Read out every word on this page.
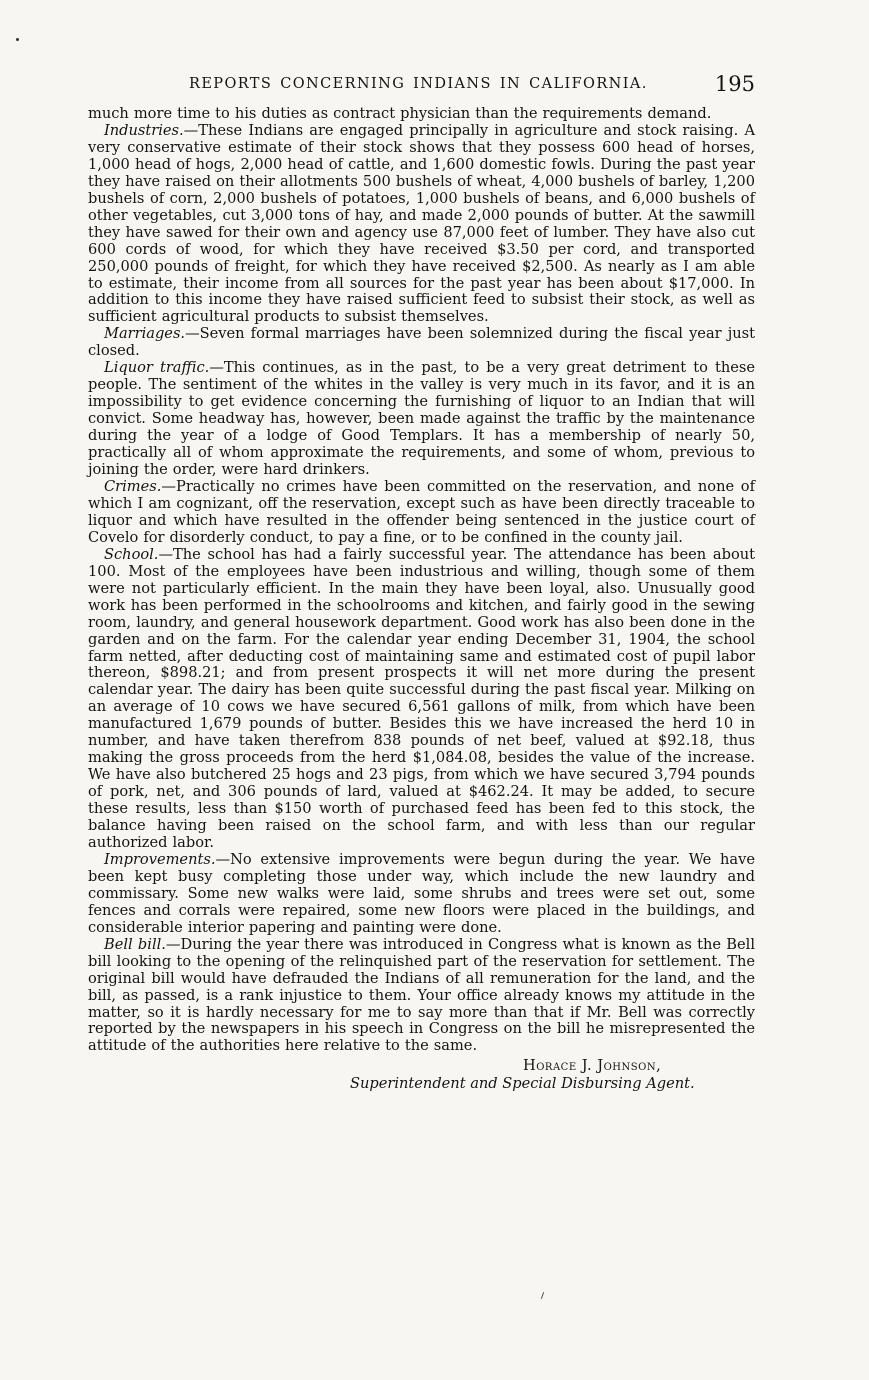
REPORTS CONCERNING INDIANS IN CALIFORNIA.	195

much more time to his duties as contract physician than the requirements demand.

Industries.—These Indians are engaged principally in agriculture and stock raising. A very conservative estimate of their stock shows that they possess 600 head of horses, 1,000 head of hogs, 2,000 head of cattle, and 1,600 domestic fowls. During the past year they have raised on their allotments 500 bushels of wheat, 4,000 bushels of barley, 1,200 bushels of corn, 2,000 bushels of potatoes, 1,000 bushels of beans, and 6,000 bushels of other vegetables, cut 3,000 tons of hay, and made 2,000 pounds of butter. At the sawmill they have sawed for their own and agency use 87,000 feet of lumber. They have also cut 600 cords of wood, for which they have received $3.50 per cord, and transported 250,000 pounds of freight, for which they have received $2,500. As nearly as I am able to estimate, their income from all sources for the past year has been about $17,000. In addition to this income they have raised sufficient feed to subsist their stock, as well as sufficient agricultural products to subsist themselves.

Marriages.—Seven formal marriages have been solemnized during the fiscal year just closed.

Liquor traffic.—This continues, as in the past, to be a very great detriment to these people. The sentiment of the whites in the valley is very much in its favor, and it is an impossibility to get evidence concerning the furnishing of liquor to an Indian that will convict. Some headway has, however, been made against the traffic by the maintenance during the year of a lodge of Good Templars. It has a membership of nearly 50, practically all of whom approximate the requirements, and some of whom, previous to joining the order, were hard drinkers.

Crimes.—Practically no crimes have been committed on the reservation, and none of which I am cognizant, off the reservation, except such as have been directly traceable to liquor and which have resulted in the offender being sentenced in the justice court of Covelo for disorderly conduct, to pay a fine, or to be confined in the county jail.

School.—The school has had a fairly successful year. The attendance has been about 100. Most of the employees have been industrious and willing, though some of them were not particularly efficient. In the main they have been loyal, also. Unusually good work has been performed in the schoolrooms and kitchen, and fairly good in the sewing room, laundry, and general housework department. Good work has also been done in the garden and on the farm. For the calendar year ending December 31, 1904, the school farm netted, after deducting cost of maintaining same and estimated cost of pupil labor thereon, $898.21; and from present prospects it will net more during the present calendar year. The dairy has been quite successful during the past fiscal year. Milking on an average of 10 cows we have secured 6,561 gallons of milk, from which have been manufactured 1,679 pounds of butter. Besides this we have increased the herd 10 in number, and have taken therefrom 838 pounds of net beef, valued at $92.18, thus making the gross proceeds from the herd $1,084.08, besides the value of the increase. We have also butchered 25 hogs and 23 pigs, from which we have secured 3,794 pounds of pork, net, and 306 pounds of lard, valued at $462.24. It may be added, to secure these results, less than $150 worth of purchased feed has been fed to this stock, the balance having been raised on the school farm, and with less than our regular authorized labor.

Improvements.—No extensive improvements were begun during the year. We have been kept busy completing those under way, which include the new laundry and commissary. Some new walks were laid, some shrubs and trees were set out, some fences and corrals were repaired, some new floors were placed in the buildings, and considerable interior papering and painting were done.

Bell bill.—During the year there was introduced in Congress what is known as the Bell bill looking to the opening of the relinquished part of the reservation for settlement. The original bill would have defrauded the Indians of all remuneration for the land, and the bill, as passed, is a rank injustice to them. Your office already knows my attitude in the matter, so it is hardly necessary for me to say more than that if Mr. Bell was correctly reported by the newspapers in his speech in Congress on the bill he misrepresented the attitude of the authorities here relative to the same.

Horace J. Johnson,
Superintendent and Special Disbursing Agent.
